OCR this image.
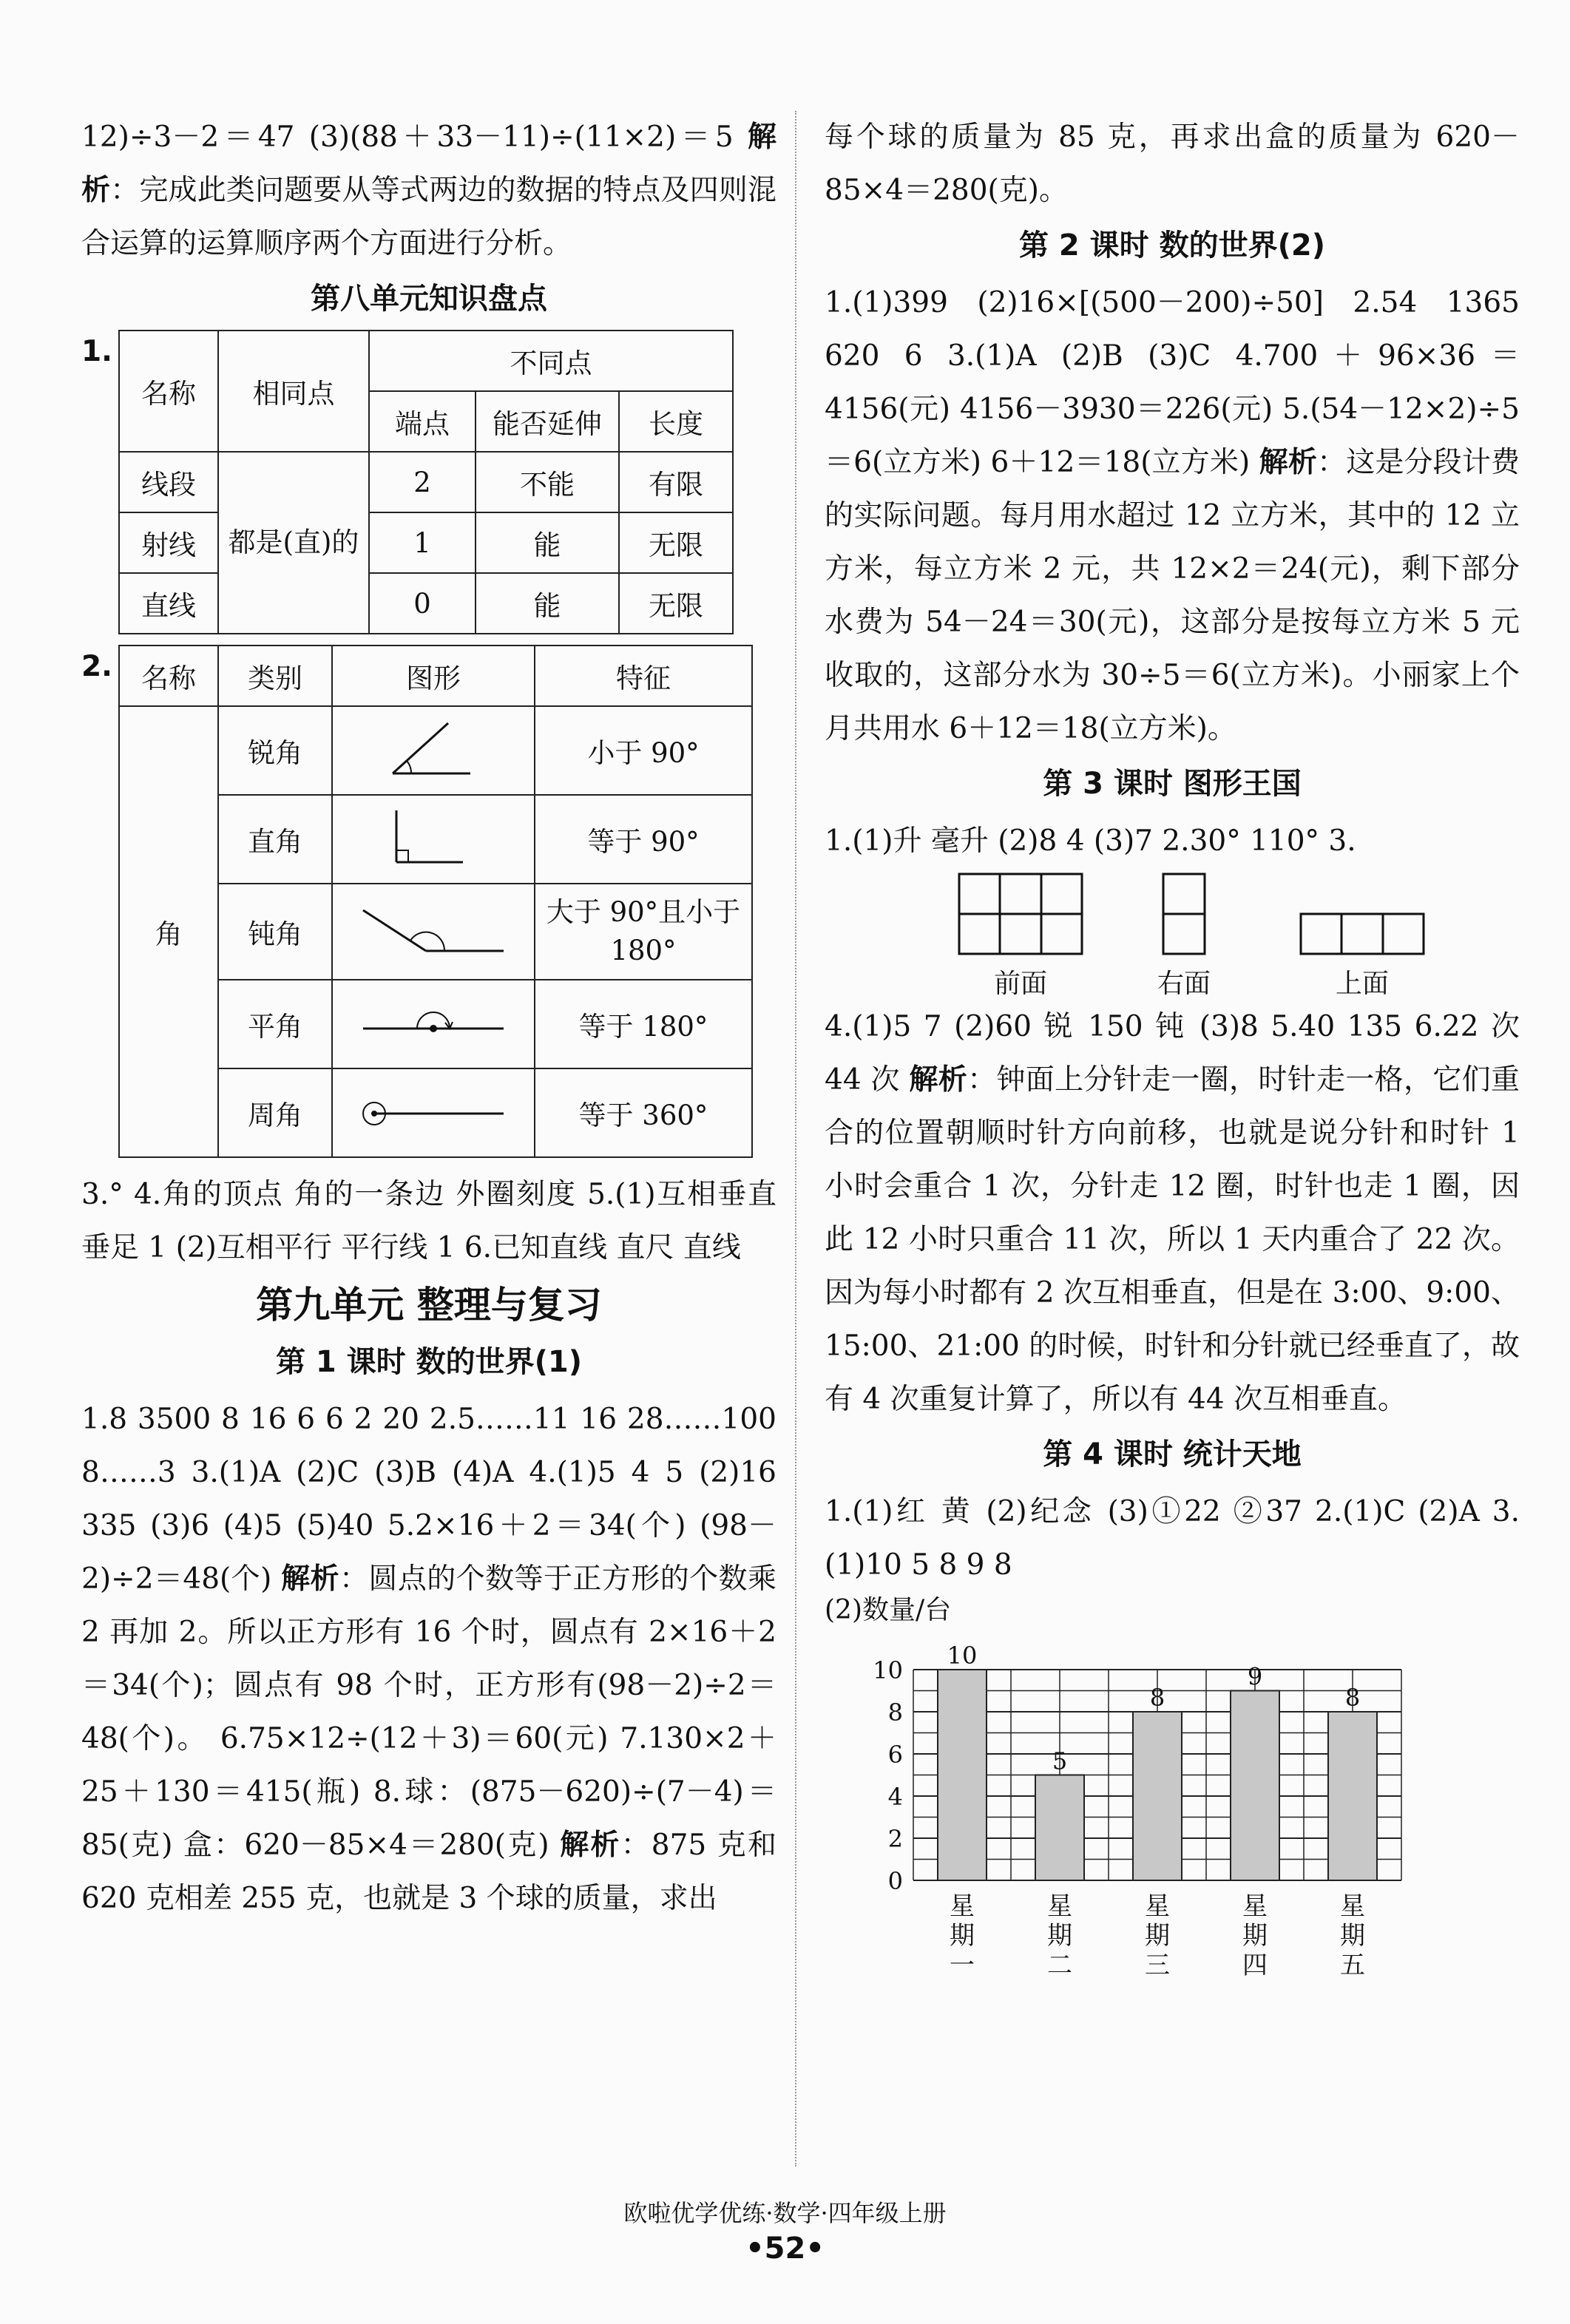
12)÷3－2＝47 (3)(88＋33－11)÷(11×2)＝5 解析：完成此类问题要从等式两边的数据的特点及四则混合运算的运算顺序两个方面进行分析。

第八单元知识盘点
1.
名称	相同点	不同点		
		端点	能否延伸	长度
线段	都是(直)的	2	不能	有限
射线		1	能	无限
直线		0	能	无限
2. 名称	类别	图形	特征
角	锐角		小于 90°
	直角		等于 90°
	钝角		大于 90°且小于 180°
	平角		等于 180°
	周角		等于 360°

3.° 4.角的顶点 角的一条边 外圈刻度 5.(1)互相垂直 垂足 1 (2)互相平行 平行线 1 6.已知直线 直尺 直线

第九单元 整理与复习
第 1 课时 数的世界(1)

1.8 3500 8 16 6 6 2 20 2.5……11 16 28……100 8……3 3.(1)A (2)C (3)B (4)A 4.(1)5 4 5 (2)16 335 (3)6 (4)5 (5)40 5.2×16＋2＝34(个) (98－2)÷2＝48(个) 解析：圆点的个数等于正方形的个数乘 2 再加 2。所以正方形有 16 个时，圆点有 2×16＋2＝34(个)；圆点有 98 个时，正方形有(98－2)÷2＝48(个)。 6.75×12÷(12＋3)＝60(元) 7.130×2＋25＋130＝415(瓶) 8.球：(875－620)÷(7－4)＝85(克) 盒：620－85×4＝280(克) 解析：875 克和 620 克相差 255 克，也就是 3 个球的质量，求出

每个球的质量为 85 克，再求出盒的质量为 620－85×4＝280(克)。

第 2 课时 数的世界(2)

1.(1)399 (2)16×[(500－200)÷50] 2.54 1365 620 6 3.(1)A (2)B (3)C 4.700＋96×36＝4156(元) 4156－3930＝226(元) 5.(54－12×2)÷5＝6(立方米) 6＋12＝18(立方米) 解析：这是分段计费的实际问题。每月用水超过 12 立方米，其中的 12 立方米，每立方米 2 元，共 12×2＝24(元)，剩下部分水费为 54－24＝30(元)，这部分是按每立方米 5 元收取的，这部分水为 30÷5＝6(立方米)。小丽家上个月共用水 6＋12＝18(立方米)。

第 3 课时 图形王国

1.(1)升 毫升 (2)8 4 (3)7 2.30° 110° 3.

前面	右面	上面

4.(1)5 7 (2)60 锐 150 钝 (3)8 5.40 135 6.22 次 44 次 解析：钟面上分针走一圈，时针走一格，它们重合的位置朝顺时针方向前移，也就是说分针和时针 1 小时会重合 1 次，分针走 12 圈，时针也走 1 圈，因此 12 小时只重合 11 次，所以 1 天内重合了 22 次。因为每小时都有 2 次互相垂直，但是在 3:00、9:00、15:00、21:00 的时候，时针和分针就已经垂直了，故有 4 次重复计算了，所以有 44 次互相垂直。

第 4 课时 统计天地

1.(1)红 黄 (2)纪念 (3)①22 ②37 2.(1)C (2)A 3.(1)10 5 8 9 8

(2)数量/台
0
2
4
6
8
10
10
星
期
一
5
星
期
二
8
星
期
三
9
星
期
四
8
星
期
五
欧啦优学优练·数学·四年级上册
•52•
